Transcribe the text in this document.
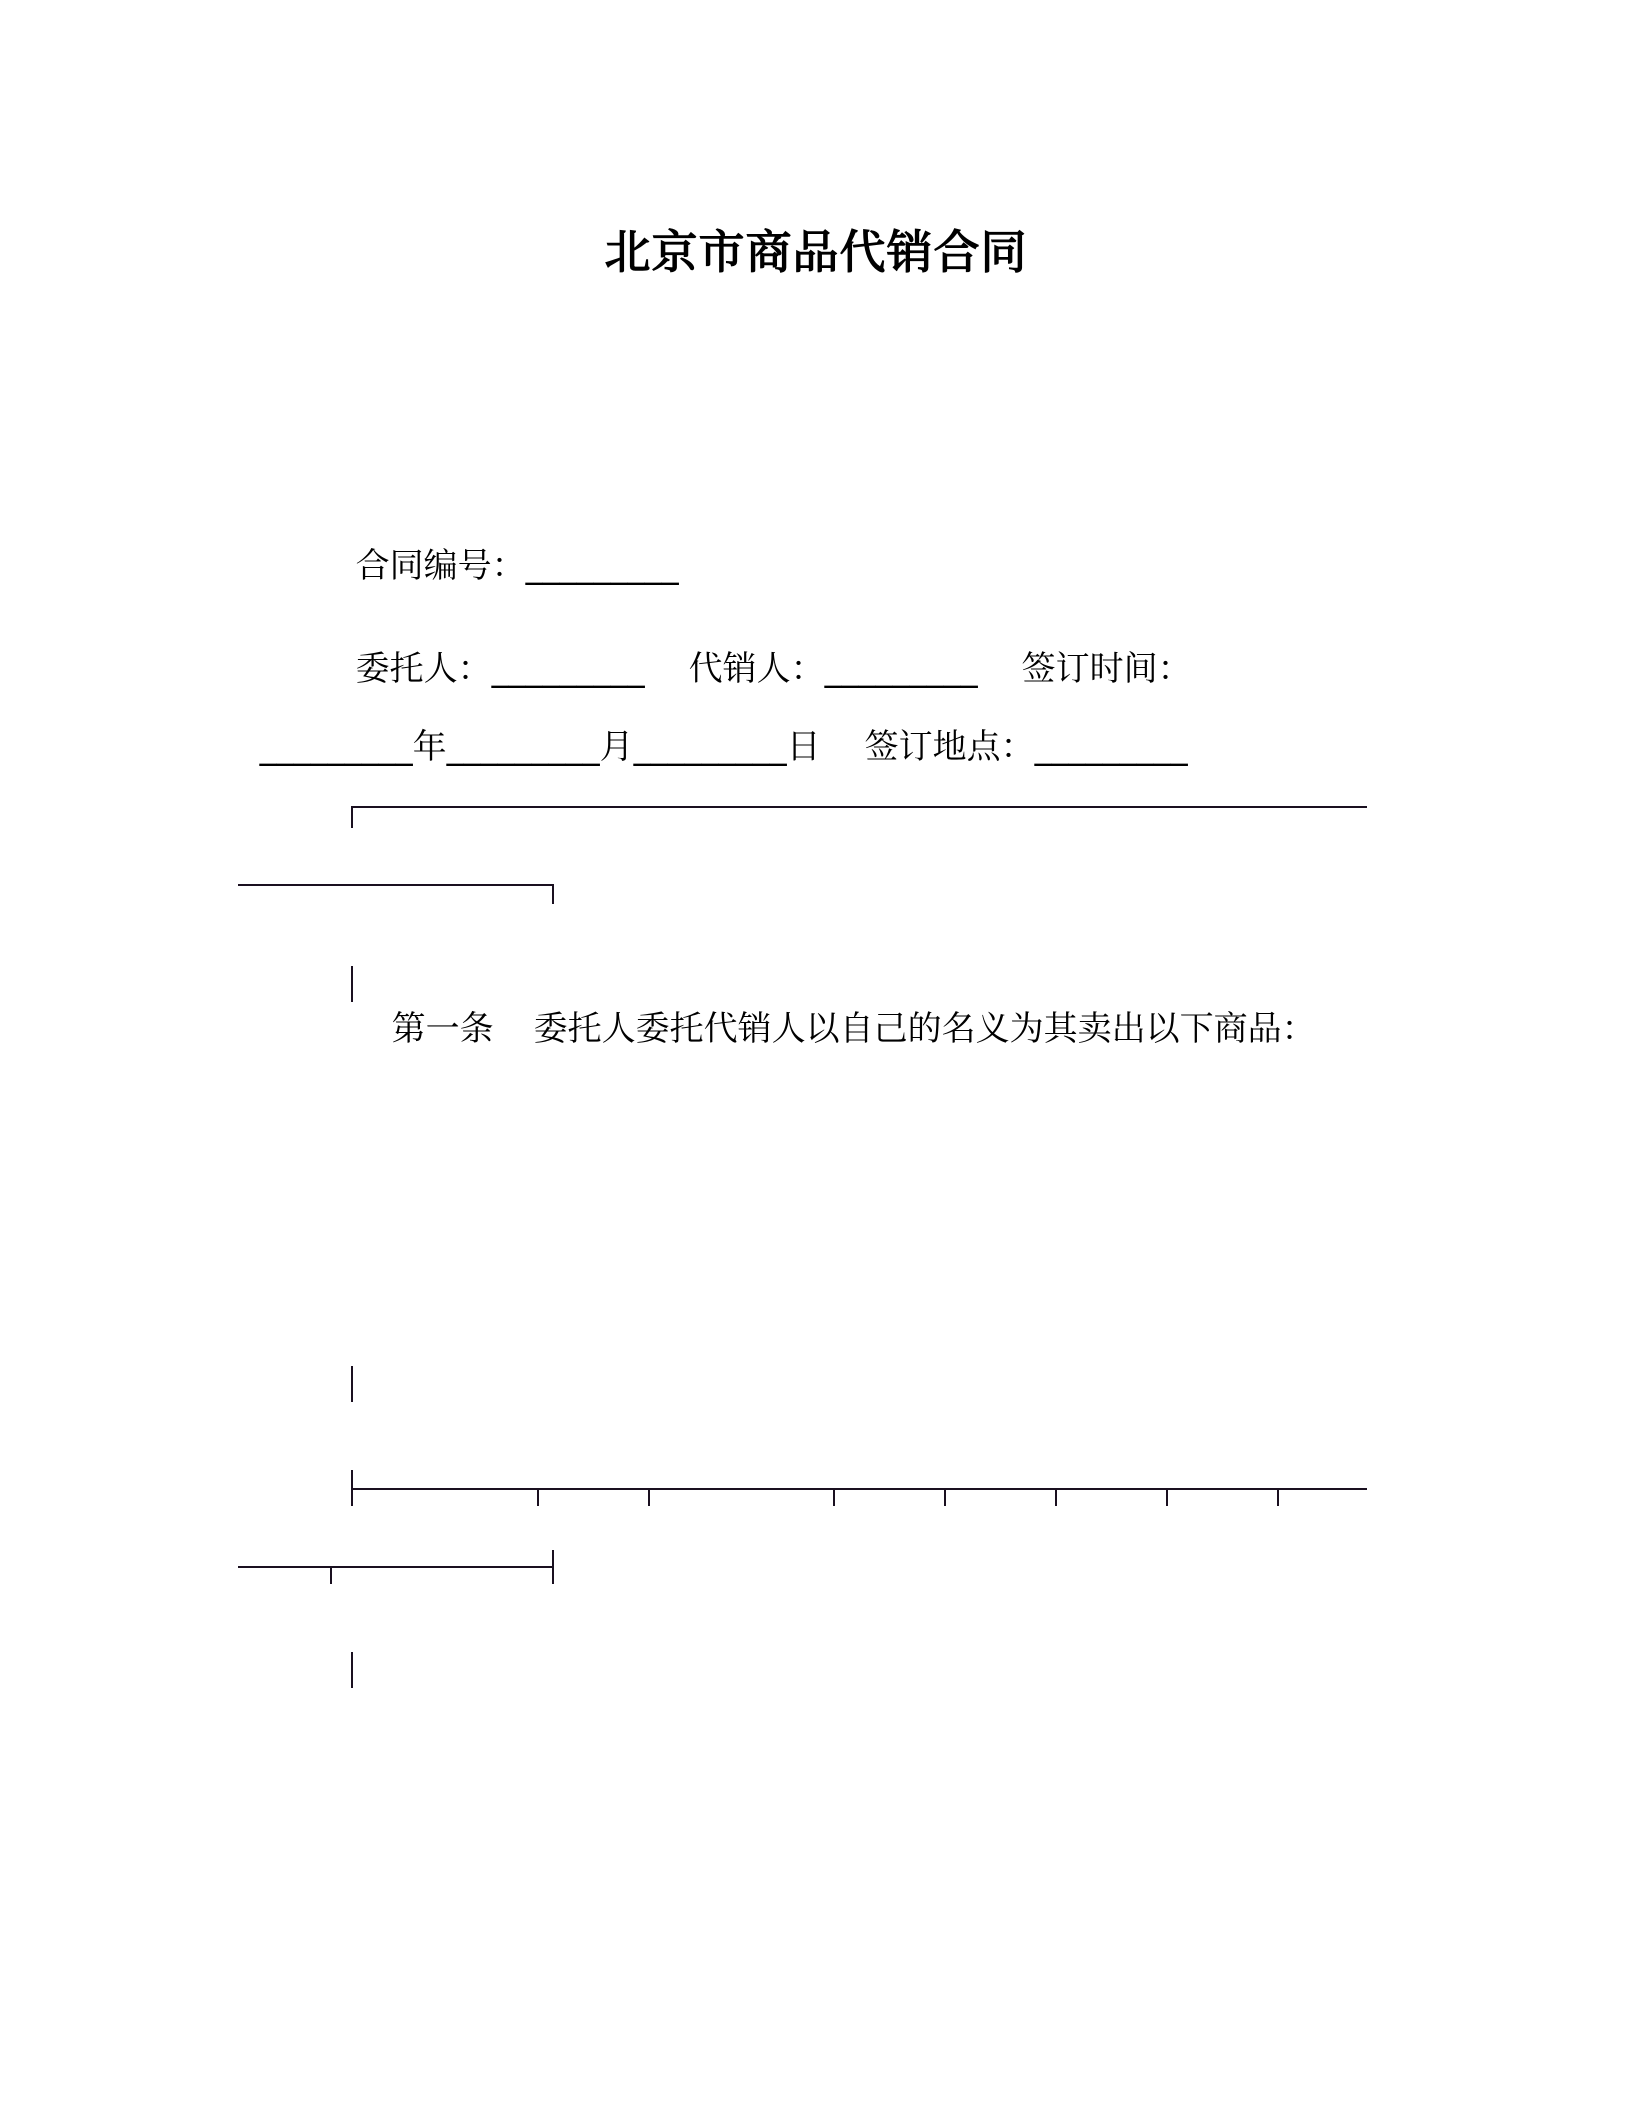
北京市商品代销合同

合同编号：_________

委托人：_________ 代销人：_________ 签订时间：

_________年_________月_________日 签订地点：_________

第一条 委托人委托代销人以自己的名义为其卖出以下商品：
